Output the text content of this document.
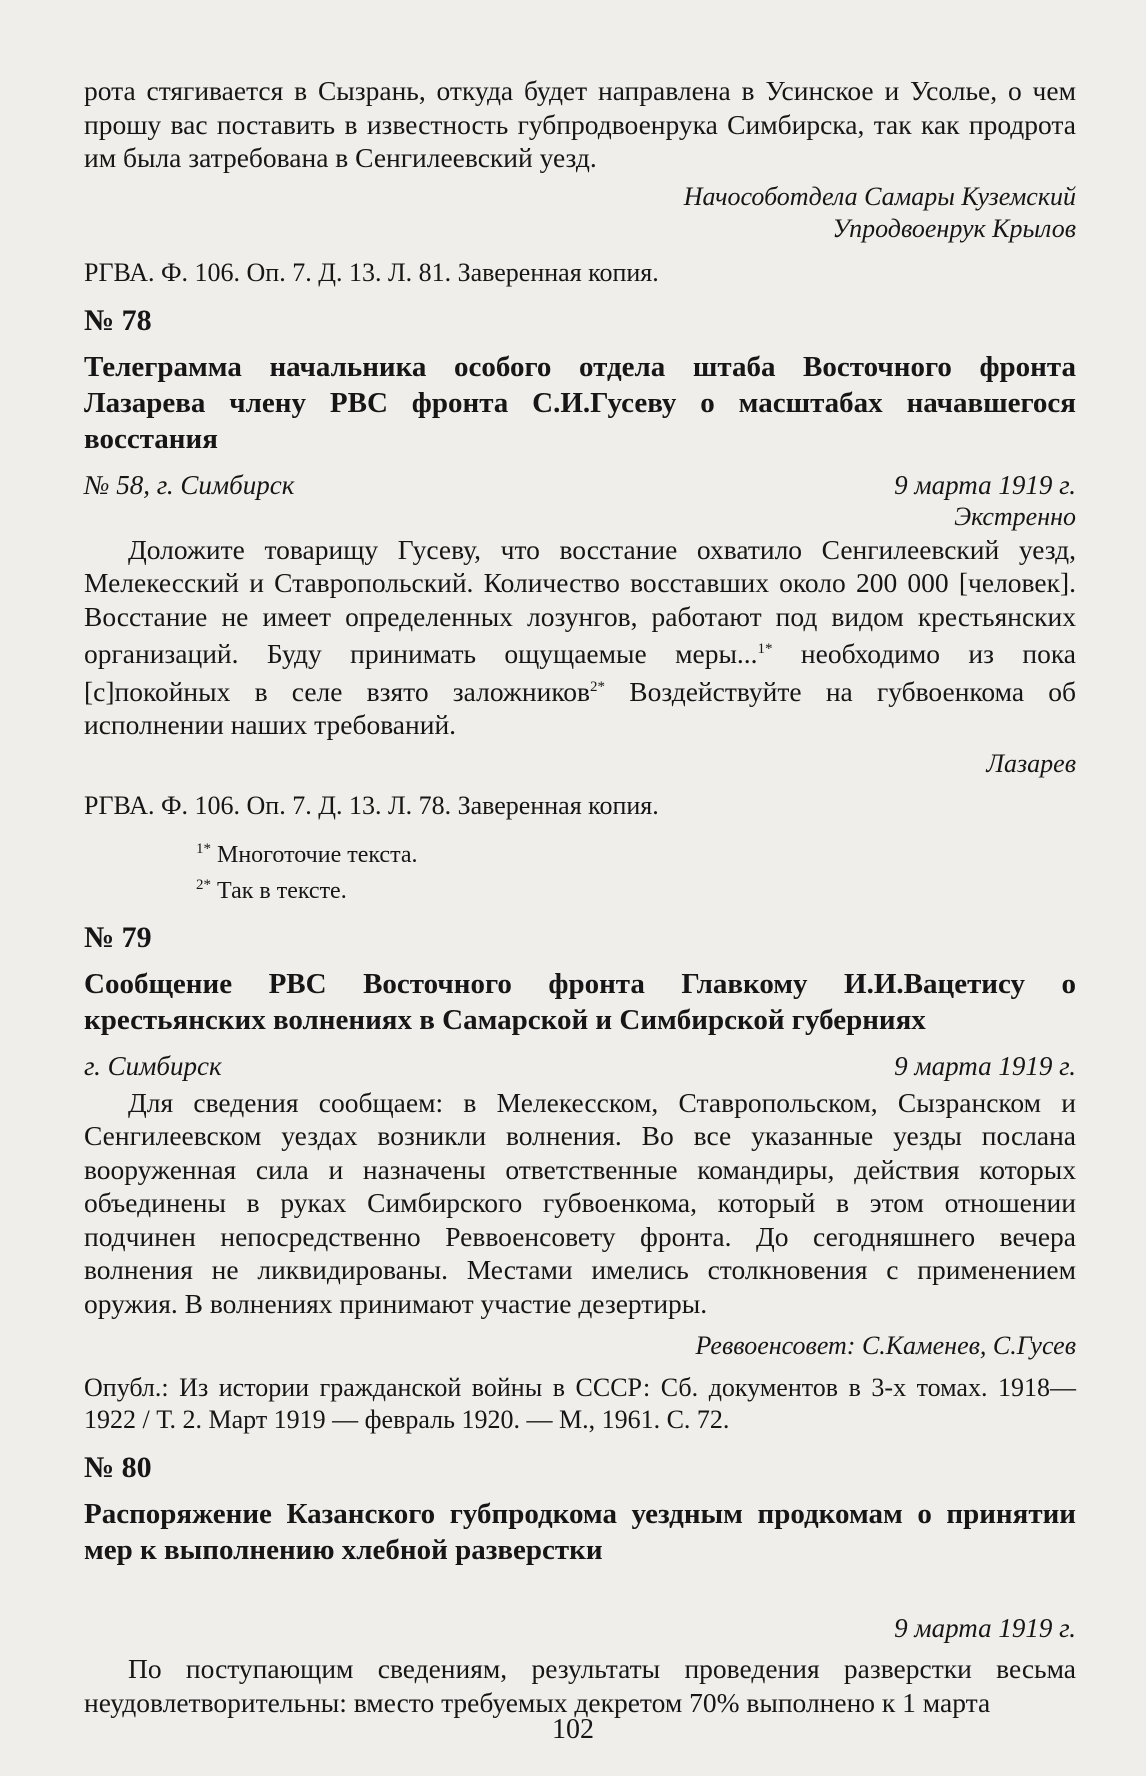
рота стягивается в Сызрань, откуда будет направлена в Усинское и Усолье, о чем прошу вас поставить в известность губпродвоенрука Симбирска, так как продрота им была затребована в Сенгилеевский уезд.

Начособотдела Самары Куземский

Упродвоенрук Крылов

РГВА. Ф. 106. Оп. 7. Д. 13. Л. 81. Заверенная копия.

№ 78

Телеграмма начальника особого отдела штаба Восточного фронта Лазарева члену РВС фронта С.И.Гусеву о масштабах начавшегося восстания

№ 58, г. Симбирск	9 марта 1919 г.

Экстренно

Доложите товарищу Гусеву, что восстание охватило Сенгилеевский уезд, Мелекесский и Ставропольский. Количество восставших около 200 000 [человек]. Восстание не имеет определенных лозунгов, работают под видом крестьянских организаций. Буду принимать ощущаемые меры...$^{1*}$ необходимо из пока [с]покойных в селе взято заложников$^{2*}$ Воздействуйте на губвоенкома об исполнении наших требований.

Лазарев

РГВА. Ф. 106. Оп. 7. Д. 13. Л. 78. Заверенная копия.

$^{1*}$ Многоточие текста.

$^{2*}$ Так в тексте.

№ 79

Сообщение РВС Восточного фронта Главкому И.И.Вацетису о крестьянских волнениях в Самарской и Симбирской губерниях

г. Симбирск	9 марта 1919 г.

Для сведения сообщаем: в Мелекесском, Ставропольском, Сызранском и Сенгилеевском уездах возникли волнения. Во все указанные уезды послана вооруженная сила и назначены ответственные командиры, действия которых объединены в руках Симбирского губвоенкома, который в этом отношении подчинен непосредственно Реввоенсовету фронта. До сегодняшнего вечера волнения не ликвидированы. Местами имелись столкновения с применением оружия. В волнениях принимают участие дезертиры.

Реввоенсовет: С.Каменев, С.Гусев

Опубл.: Из истории гражданской войны в СССР: Сб. документов в 3-х томах. 1918—1922 / Т. 2. Март 1919 — февраль 1920. — М., 1961. С. 72.

№ 80

Распоряжение Казанского губпродкома уездным продкомам о принятии мер к выполнению хлебной разверстки

9 марта 1919 г.

По поступающим сведениям, результаты проведения разверстки весьма неудовлетворительны: вместо требуемых декретом 70% выполнено к 1 марта

102
